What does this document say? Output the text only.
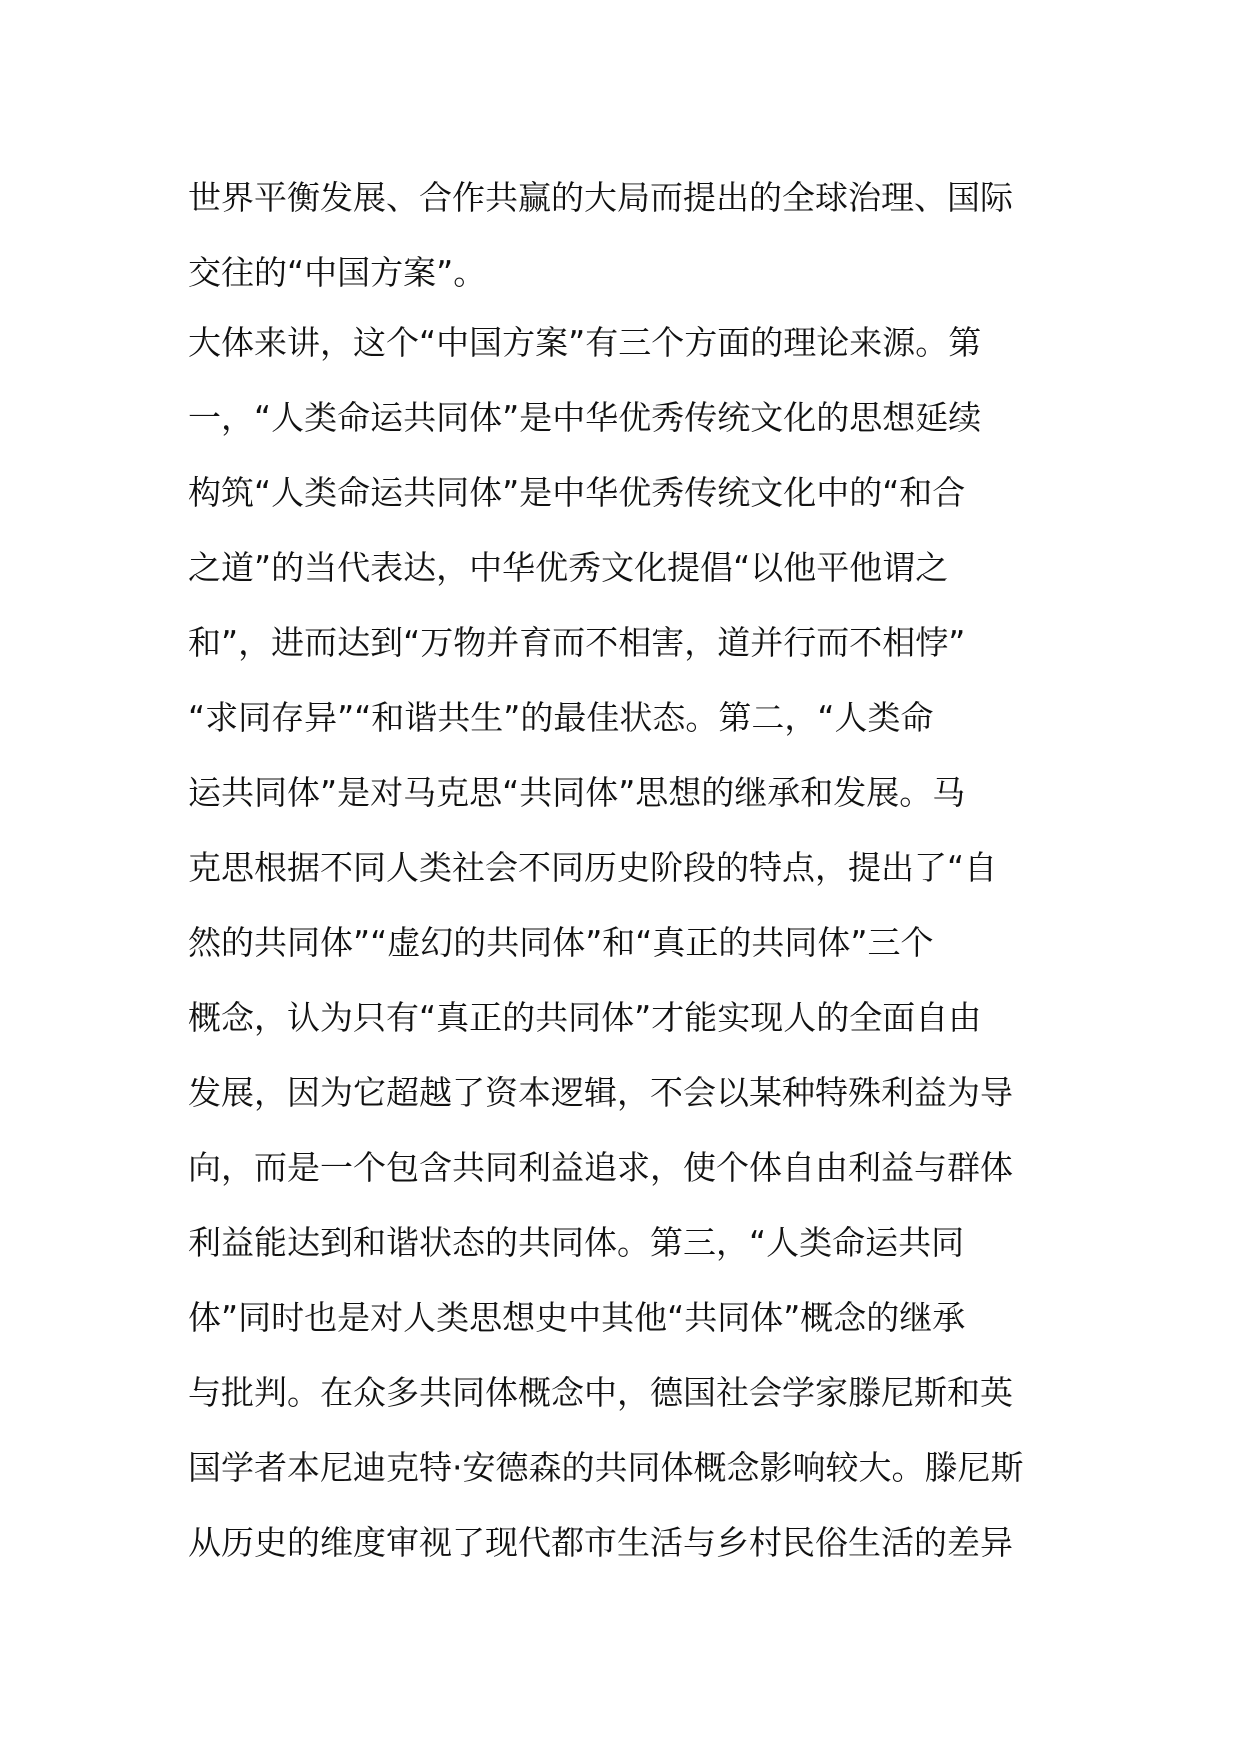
世界平衡发展、合作共赢的大局而提出的全球治理、国际
交往的“中国方案”。
大体来讲，这个“中国方案”有三个方面的理论来源。第
一，“人类命运共同体”是中华优秀传统文化的思想延续
构筑“人类命运共同体”是中华优秀传统文化中的“和合
之道”的当代表达，中华优秀文化提倡“以他平他谓之
和”，进而达到“万物并育而不相害，道并行而不相悖”
“求同存异”“和谐共生”的最佳状态。第二，“人类命
运共同体”是对马克思“共同体”思想的继承和发展。马
克思根据不同人类社会不同历史阶段的特点，提出了“自
然的共同体”“虚幻的共同体”和“真正的共同体”三个
概念，认为只有“真正的共同体”才能实现人的全面自由
发展，因为它超越了资本逻辑，不会以某种特殊利益为导
向，而是一个包含共同利益追求，使个体自由利益与群体
利益能达到和谐状态的共同体。第三，“人类命运共同
体”同时也是对人类思想史中其他“共同体”概念的继承
与批判。在众多共同体概念中，德国社会学家滕尼斯和英
国学者本尼迪克特·安德森的共同体概念影响较大。滕尼斯
从历史的维度审视了现代都市生活与乡村民俗生活的差异
